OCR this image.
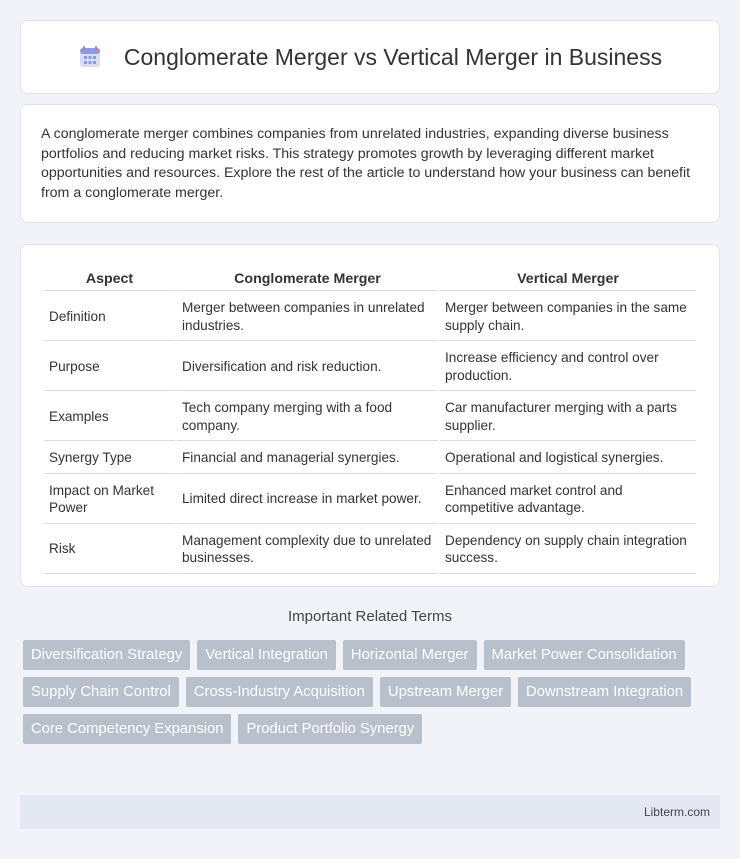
Conglomerate Merger vs Vertical Merger in Business

A conglomerate merger combines companies from unrelated industries, expanding diverse business portfolios and reducing market risks. This strategy promotes growth by leveraging different market opportunities and resources. Explore the rest of the article to understand how your business can benefit from a conglomerate merger.

Aspect	Conglomerate Merger	Vertical Merger
Definition	Merger between companies in unrelated industries.	Merger between companies in the same supply chain.
Purpose	Diversification and risk reduction.	Increase efficiency and control over production.
Examples	Tech company merging with a food company.	Car manufacturer merging with a parts supplier.
Synergy Type	Financial and managerial synergies.	Operational and logistical synergies.
Impact on Market Power	Limited direct increase in market power.	Enhanced market control and competitive advantage.
Risk	Management complexity due to unrelated businesses.	Dependency on supply chain integration success.
Important Related Terms
Diversification Strategy	Vertical Integration	Horizontal Merger	Market Power Consolidation
Supply Chain Control	Cross-Industry Acquisition	Upstream Merger	Downstream Integration
Core Competency Expansion	Product Portfolio Synergy
Libterm.com
